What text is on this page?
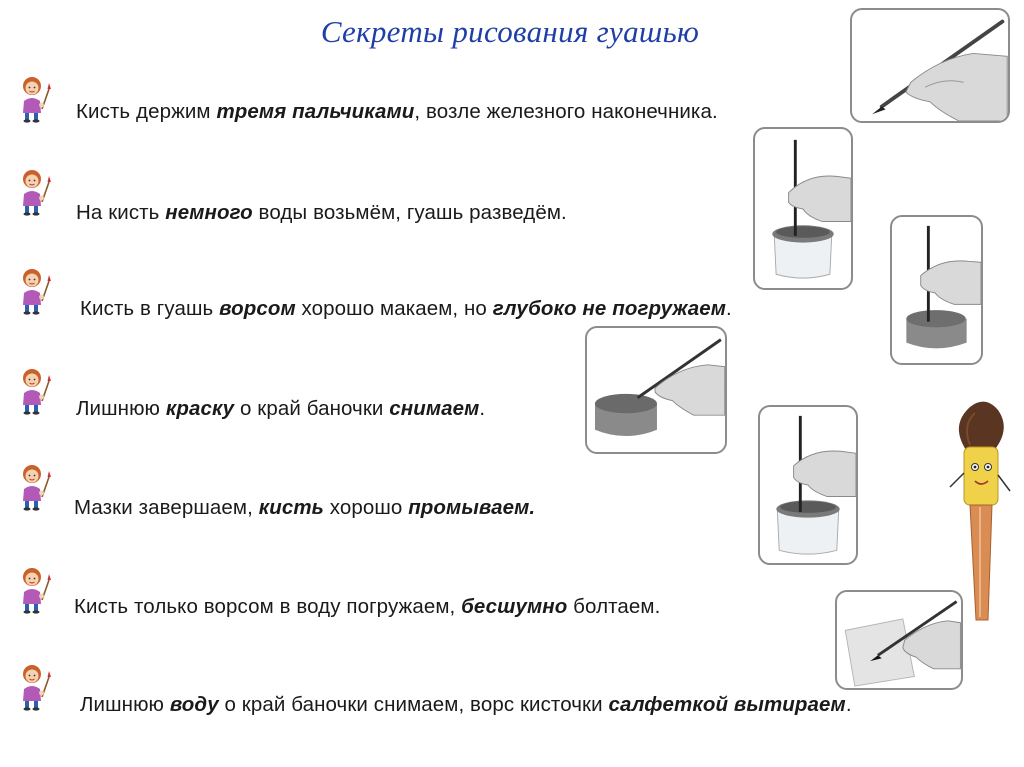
Секреты рисования гуашью
Кисть держим тремя пальчиками, возле железного наконечника.
На кисть немного воды возьмём, гуашь разведём.
Кисть в гуашь ворсом хорошо макаем, но глубоко не погружаем.
Лишнюю краску о край баночки снимаем.
Мазки завершаем, кисть хорошо промываем.
Кисть только ворсом в воду погружаем, бесшумно болтаем.
Лишнюю воду о край баночки снимаем, ворс кисточки салфеткой вытираем.
